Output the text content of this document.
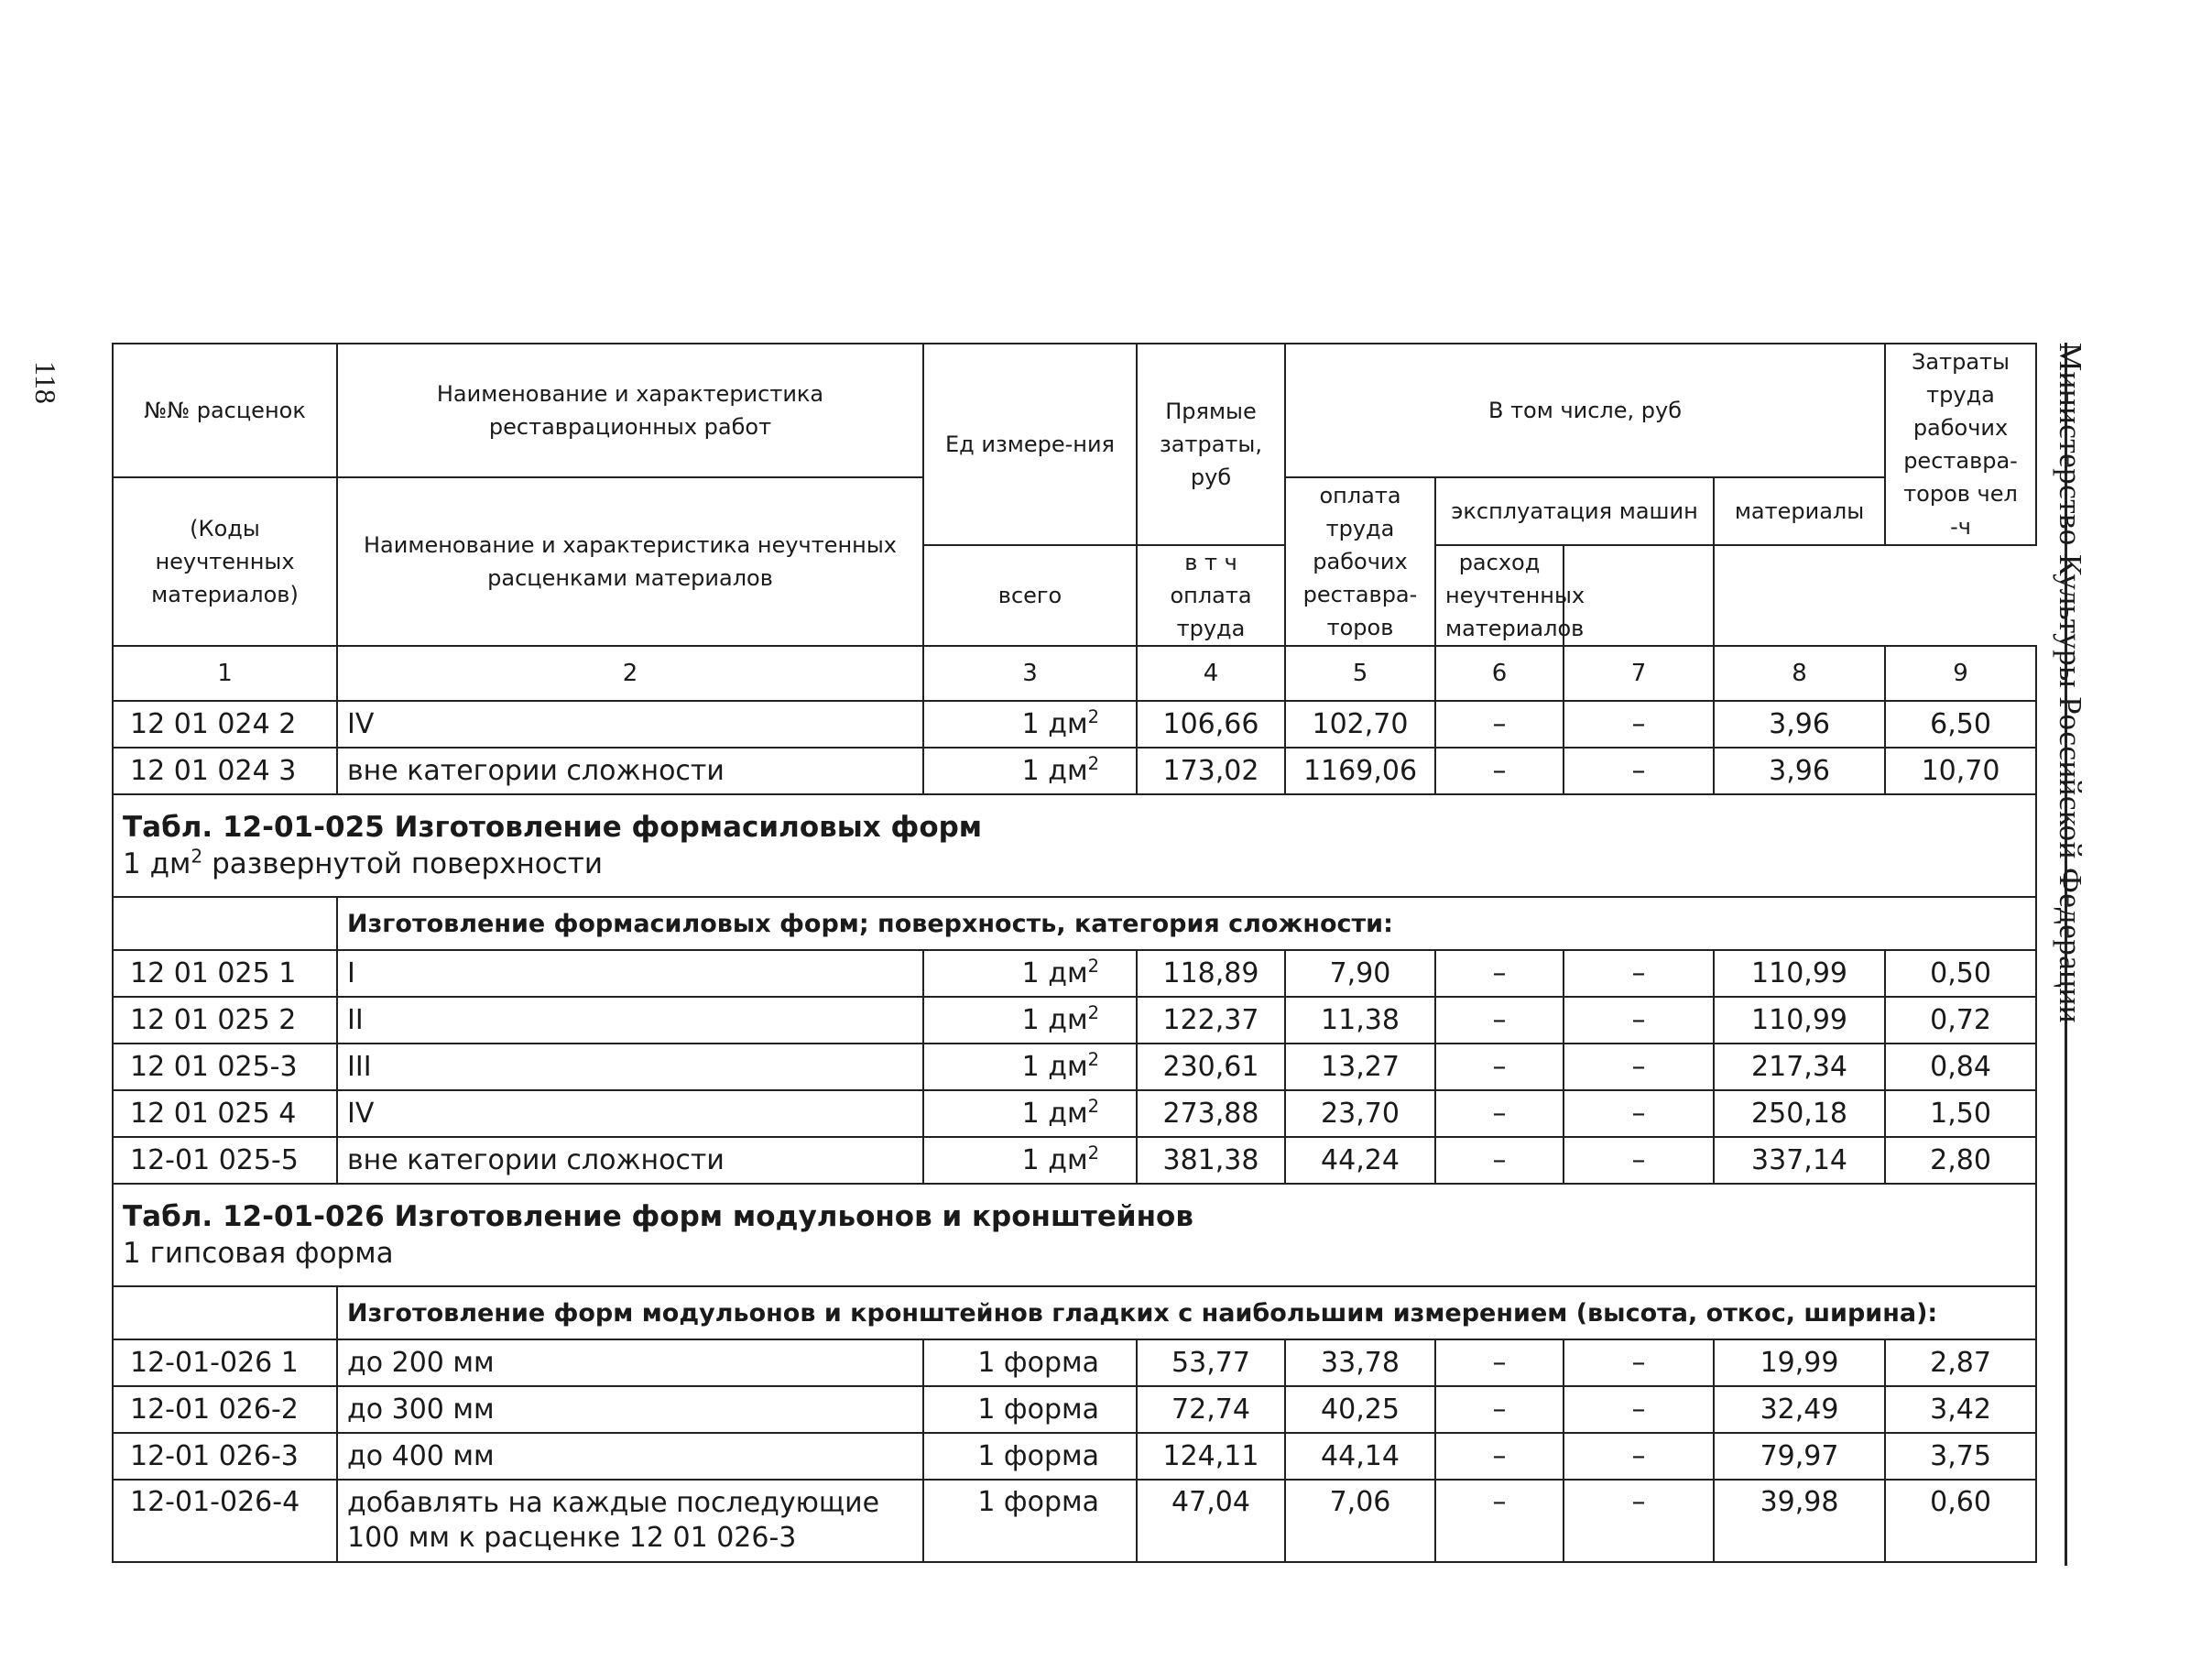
118	Министерство Культуры Российской Федерации
№№ расценок	Наименование и характеристика реставрационных работ	Ед измере-ния	Прямые затраты, руб	В том числе, руб				Затраты труда рабочих реставра-торов чел -ч

(Коды неучтенных материалов)	Наименование и характеристика неучтенных расценками материалов			оплата труда рабочих реставра-торов	эксплуатация машин		материалы	
		всего	в т ч оплата труда		расход неучтенных материалов			
1	2	3	4	5	6	7	8	9
12 01 024 2	IV	1 $дм^2$	106,66	102,70	–	–	3,96	6,50
12 01 024 3	вне категории сложности	1 $дм^2$	173,02	1169,06	–	–	3,96	10,70

Табл. 12-01-025 Изготовление формасиловых форм
1 $дм^2$ развернутой поверхности								

	Изготовление формасиловых форм; поверхность, категория сложности:							
12 01 025 1	I	1 $дм^2$	118,89	7,90	–	–	110,99	0,50
12 01 025 2	II	1 $дм^2$	122,37	11,38	–	–	110,99	0,72
12 01 025-3	III	1 $дм^2$	230,61	13,27	–	–	217,34	0,84
12 01 025 4	IV	1 $дм^2$	273,88	23,70	–	–	250,18	1,50
12-01 025-5	вне категории сложности	1 $дм^2$	381,38	44,24	–	–	337,14	2,80

Табл. 12-01-026 Изготовление форм модульонов и кронштейнов
1 гипсовая форма								

	Изготовление форм модульонов и кронштейнов гладких с наибольшим измерением (высота, откос, ширина):							
12-01-026 1	до 200 мм	1 форма	53,77	33,78	–	–	19,99	2,87
12-01 026-2	до 300 мм	1 форма	72,74	40,25	–	–	32,49	3,42
12-01 026-3	до 400 мм	1 форма	124,11	44,14	–	–	79,97	3,75
12-01-026-4	добавлять на каждые последующие 100 мм к расценке 12 01 026-3	1 форма	47,04	7,06	–	–	39,98	0,60
